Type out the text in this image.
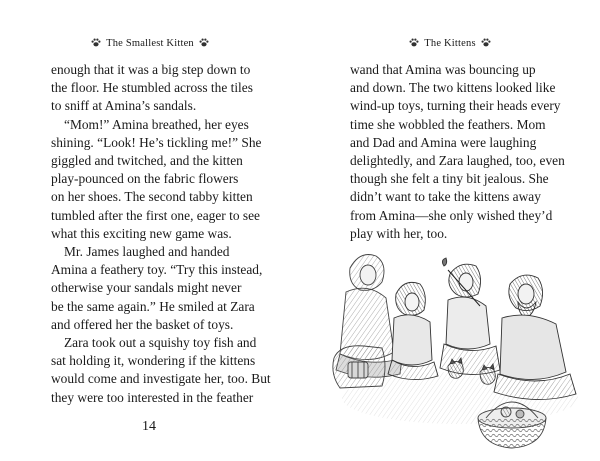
The Smallest Kitten
enough that it was a big step down to
the floor. He stumbled across the tiles
to sniff at Amina’s sandals.
“Mom!” Amina breathed, her eyes
shining. “Look! He’s tickling me!” She
giggled and twitched, and the kitten
play-pounced on the fabric flowers
on her shoes. The second tabby kitten
tumbled after the first one, eager to see
what this exciting new game was.
Mr. James laughed and handed
Amina a feathery toy. “Try this instead,
otherwise your sandals might never
be the same again.” He smiled at Zara
and offered her the basket of toys.
Zara took out a squishy toy fish and
sat holding it, wondering if the kittens
would come and investigate her, too. But
they were too interested in the feather
14
The Kittens
wand that Amina was bouncing up
and down. The two kittens looked like
wind-up toys, turning their heads every
time she wobbled the feathers. Mom
and Dad and Amina were laughing
delightedly, and Zara laughed, too, even
though she felt a tiny bit jealous. She
didn’t want to take the kittens away
from Amina—she only wished they’d
play with her, too.
